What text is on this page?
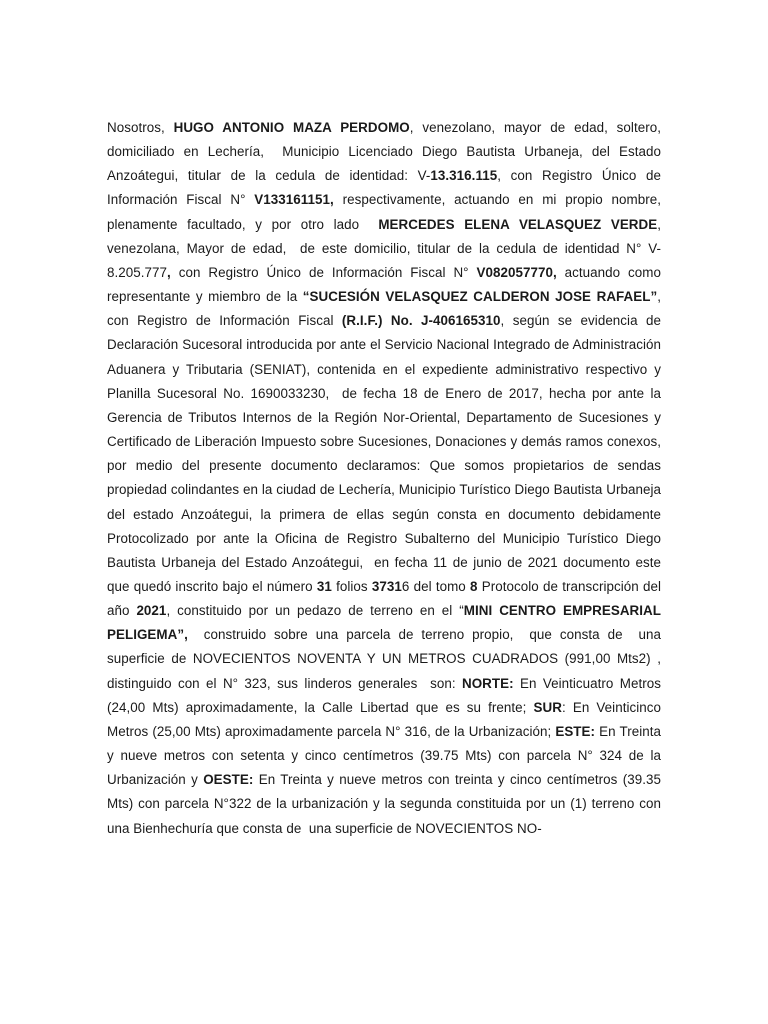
Nosotros, HUGO ANTONIO MAZA PERDOMO, venezolano, mayor de edad, soltero, domiciliado en Lechería,  Municipio Licenciado Diego Bautista Urbaneja, del Estado Anzoátegui, titular de la cedula de identidad: V-13.316.115, con Registro Único de Información Fiscal N° V133161151, respectivamente, actuando en mi propio nombre, plenamente facultado, y por otro lado  MERCEDES ELENA VELASQUEZ VERDE, venezolana, Mayor de edad,  de este domicilio, titular de la cedula de identidad N° V-8.205.777, con Registro Único de Información Fiscal N° V082057770, actuando como representante y miembro de la “SUCESIÓN VELASQUEZ CALDERON JOSE RAFAEL”, con Registro de Información Fiscal (R.I.F.) No. J-406165310, según se evidencia de Declaración Sucesoral introducida por ante el Servicio Nacional Integrado de Administración Aduanera y Tributaria (SENIAT), contenida en el expediente administrativo respectivo y Planilla Sucesoral No. 1690033230,  de fecha 18 de Enero de 2017, hecha por ante la Gerencia de Tributos Internos de la Región Nor-Oriental, Departamento de Sucesiones y Certificado de Liberación Impuesto sobre Sucesiones, Donaciones y demás ramos conexos, por medio del presente documento declaramos: Que somos propietarios de sendas propiedad colindantes en la ciudad de Lechería, Municipio Turístico Diego Bautista Urbaneja del estado Anzoátegui, la primera de ellas según consta en documento debidamente Protocolizado por ante la Oficina de Registro Subalterno del Municipio Turístico Diego Bautista Urbaneja del Estado Anzoátegui,  en fecha 11 de junio de 2021 documento este que quedó inscrito bajo el número 31 folios 37316 del tomo 8 Protocolo de transcripción del año 2021, constituido por un pedazo de terreno en el “MINI CENTRO EMPRESARIAL PELIGEMA”,  construido sobre una parcela de terreno propio,  que consta de  una superficie de NOVECIENTOS NOVENTA Y UN METROS CUADRADOS (991,00 Mts2) , distinguido con el N° 323, sus linderos generales  son: NORTE: En Veinticuatro Metros (24,00 Mts) aproximadamente, la Calle Libertad que es su frente; SUR: En Veinticinco Metros (25,00 Mts) aproximadamente parcela N° 316, de la Urbanización; ESTE: En Treinta y nueve metros con setenta y cinco centímetros (39.75 Mts) con parcela N° 324 de la Urbanización y OESTE: En Treinta y nueve metros con treinta y cinco centímetros (39.35 Mts) con parcela N°322 de la urbanización y la segunda constituida por un (1) terreno con una Bienhechuría que consta de  una superficie de NOVECIENTOS NO-
